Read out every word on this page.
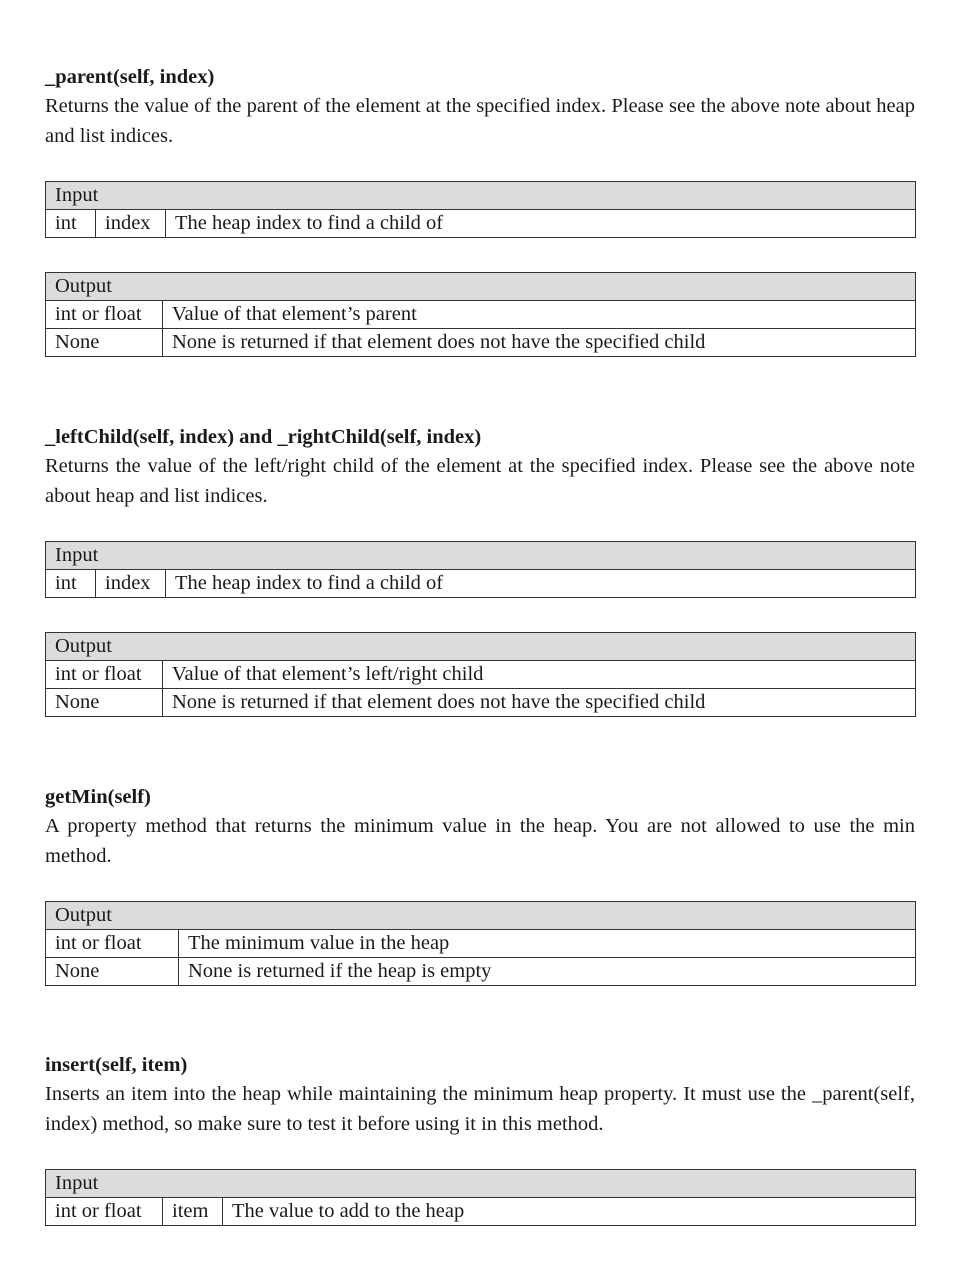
_parent(self, index)
Returns the value of the parent of the element at the specified index. Please see the above note about heap and list indices.
Input
int	index	The heap index to find a child of
Output	
int or float	Value of that element’s parent
None	None is returned if that element does not have the specified child
_leftChild(self, index) and _rightChild(self, index)
Returns the value of the left/right child of the element at the specified index. Please see the above note about heap and list indices.
Input
int	index	The heap index to find a child of
Output	
int or float	Value of that element’s left/right child
None	None is returned if that element does not have the specified child
getMin(self)
A property method that returns the minimum value in the heap. You are not allowed to use the min method.
Output	
int or float	The minimum value in the heap
None	None is returned if the heap is empty
insert(self, item)
Inserts an item into the heap while maintaining the minimum heap property. It must use the _parent(self, index) method, so make sure to test it before using it in this method.
Input
int or float	item	The value to add to the heap
